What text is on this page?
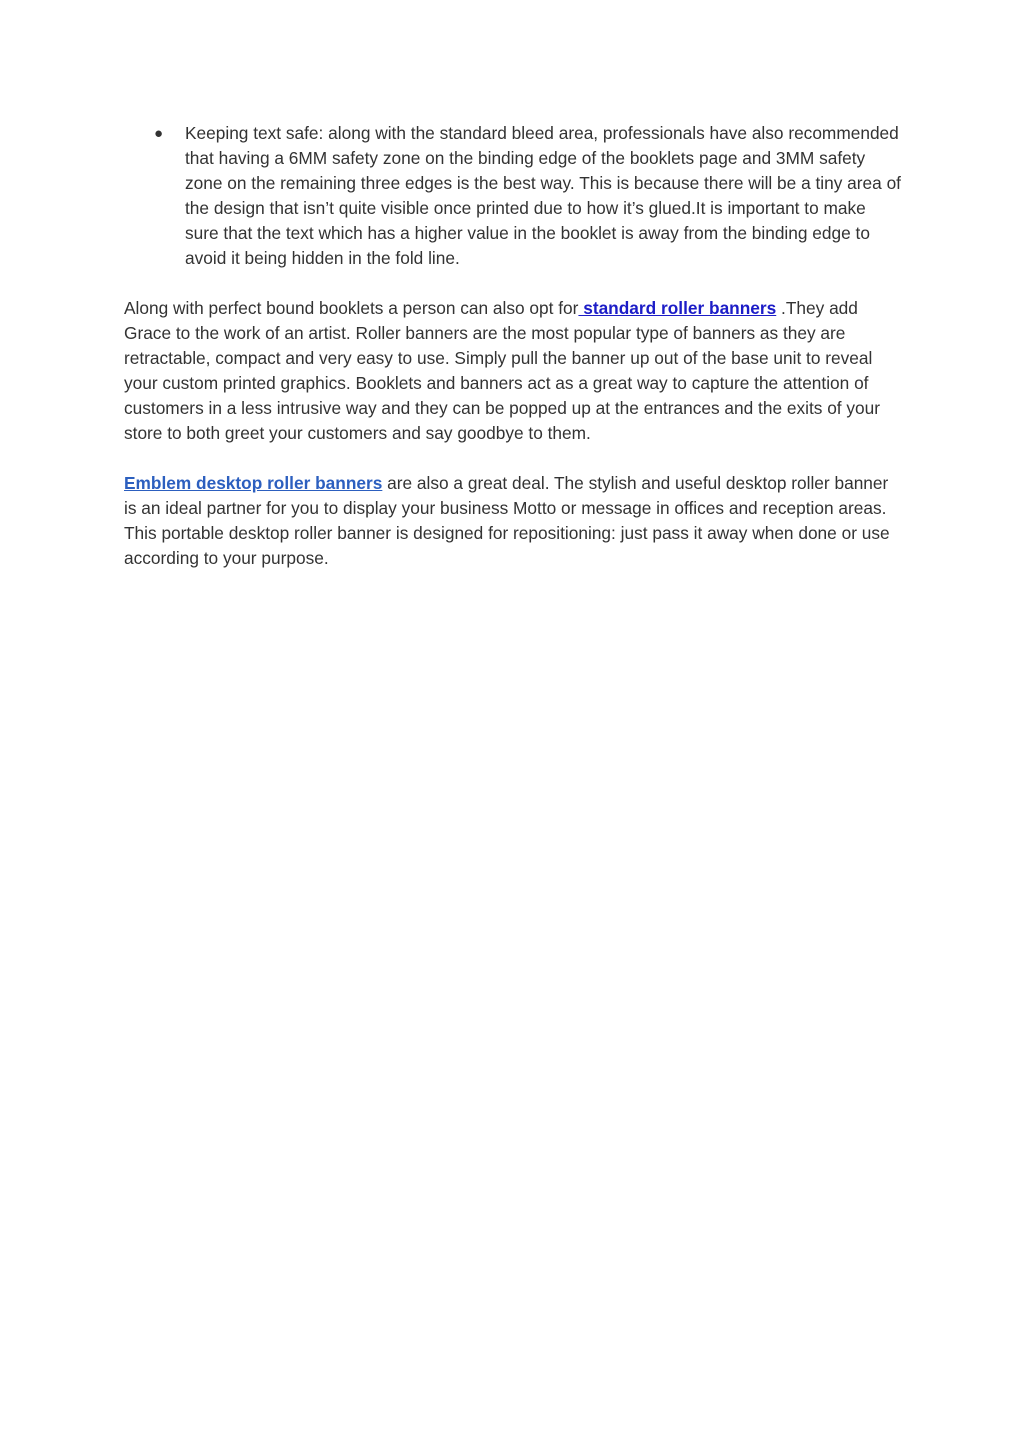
● Keeping text safe: along with the standard bleed area, professionals have also recommended that having a 6MM safety zone on the binding edge of the booklets page and 3MM safety zone on the remaining three edges is the best way. This is because there will be a tiny area of the design that isn’t quite visible once printed due to how it’s glued.It is important to make sure that the text which has a higher value in the booklet is away from the binding edge to avoid it being hidden in the fold line.

Along with perfect bound booklets a person can also opt for standard roller banners .They add Grace to the work of an artist. Roller banners are the most popular type of banners as they are retractable, compact and very easy to use. Simply pull the banner up out of the base unit to reveal your custom printed graphics. Booklets and banners act as a great way to capture the attention of customers in a less intrusive way and they can be popped up at the entrances and the exits of your store to both greet your customers and say goodbye to them.

Emblem desktop roller banners are also a great deal. The stylish and useful desktop roller banner is an ideal partner for you to display your business Motto or message in offices and reception areas. This portable desktop roller banner is designed for repositioning: just pass it away when done or use according to your purpose.
